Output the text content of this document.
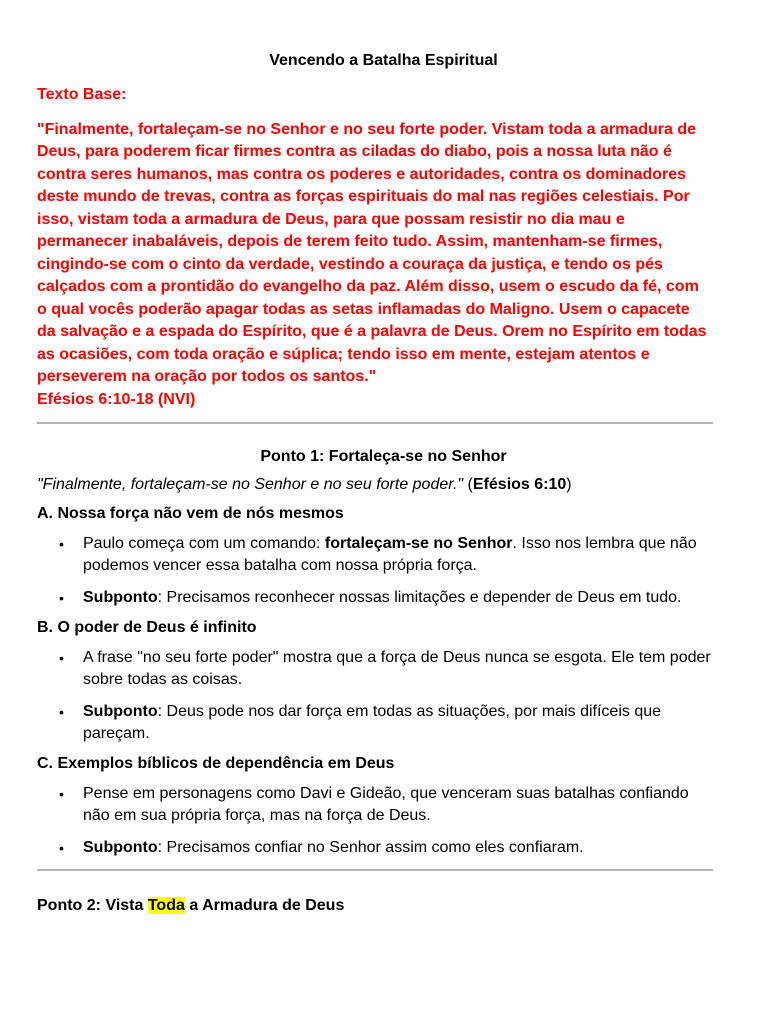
Vencendo a Batalha Espiritual

Texto Base:

"Finalmente, fortaleçam-se no Senhor e no seu forte poder. Vistam toda a armadura de Deus, para poderem ficar firmes contra as ciladas do diabo, pois a nossa luta não é contra seres humanos, mas contra os poderes e autoridades, contra os dominadores deste mundo de trevas, contra as forças espirituais do mal nas regiões celestiais. Por isso, vistam toda a armadura de Deus, para que possam resistir no dia mau e permanecer inabaláveis, depois de terem feito tudo. Assim, mantenham-se firmes, cingindo-se com o cinto da verdade, vestindo a couraça da justiça, e tendo os pés calçados com a prontidão do evangelho da paz. Além disso, usem o escudo da fé, com o qual vocês poderão apagar todas as setas inflamadas do Maligno. Usem o capacete da salvação e a espada do Espírito, que é a palavra de Deus. Orem no Espírito em todas as ocasiões, com toda oração e súplica; tendo isso em mente, estejam atentos e perseverem na oração por todos os santos."

Efésios 6:10-18 (NVI)

Ponto 1: Fortaleça-se no Senhor

"Finalmente, fortaleçam-se no Senhor e no seu forte poder." (Efésios 6:10)

A. Nossa força não vem de nós mesmos
• Paulo começa com um comando: fortaleçam-se no Senhor. Isso nos lembra que não podemos vencer essa batalha com nossa própria força.
• Subponto: Precisamos reconhecer nossas limitações e depender de Deus em tudo.
B. O poder de Deus é infinito
• A frase "no seu forte poder" mostra que a força de Deus nunca se esgota. Ele tem poder sobre todas as coisas.
• Subponto: Deus pode nos dar força em todas as situações, por mais difíceis que pareçam.
C. Exemplos bíblicos de dependência em Deus
• Pense em personagens como Davi e Gideão, que venceram suas batalhas confiando não em sua própria força, mas na força de Deus.
• Subponto: Precisamos confiar no Senhor assim como eles confiaram.
Ponto 2: Vista Toda a Armadura de Deus
